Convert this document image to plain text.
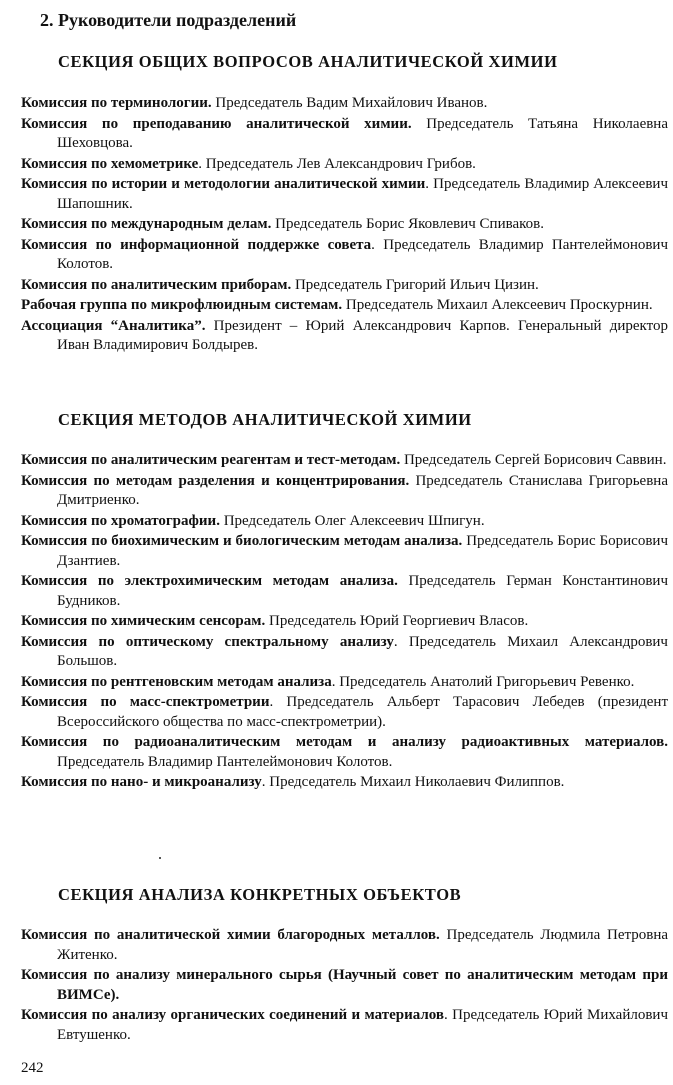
2. Руководители подразделений
СЕКЦИЯ ОБЩИХ ВОПРОСОВ АНАЛИТИЧЕСКОЙ ХИМИИ
Комиссия по терминологии. Председатель Вадим Михайлович Иванов.
Комиссия по преподаванию аналитической химии. Председатель Татьяна Николаевна Шеховцова.
Комиссия по хемометрике. Председатель Лев Александрович Грибов.
Комиссия по истории и методологии аналитической химии. Председатель Владимир Алексеевич Шапошник.
Комиссия по международным делам. Председатель Борис Яковлевич Спиваков.
Комиссия по информационной поддержке совета. Председатель Владимир Пантелеймонович Колотов.
Комиссия по аналитическим приборам. Председатель Григорий Ильич Цизин.
Рабочая группа по микрофлюидным системам. Председатель Михаил Алексеевич Проскурнин.
Ассоциация “Аналитика”. Президент – Юрий Александрович Карпов. Генеральный директор Иван Владимирович Болдырев.
СЕКЦИЯ МЕТОДОВ АНАЛИТИЧЕСКОЙ ХИМИИ
Комиссия по аналитическим реагентам и тест-методам. Председатель Сергей Борисович Саввин.
Комиссия по методам разделения и концентрирования. Председатель Станислава Григорьевна Дмитриенко.
Комиссия по хроматографии. Председатель Олег Алексеевич Шпигун.
Комиссия по биохимическим и биологическим методам анализа. Председатель Борис Борисович Дзантиев.
Комиссия по электрохимическим методам анализа. Председатель Герман Константинович Будников.
Комиссия по химическим сенсорам. Председатель Юрий Георгиевич Власов.
Комиссия по оптическому спектральному анализу. Председатель Михаил Александрович Большов.
Комиссия по рентгеновским методам анализа. Председатель Анатолий Григорьевич Ревенко.
Комиссия по масс-спектрометрии. Председатель Альберт Тарасович Лебедев (президент Всероссийского общества по масс-спектрометрии).
Комиссия по радиоаналитическим методам и анализу радиоактивных материалов. Председатель Владимир Пантелеймонович Колотов.
Комиссия по нано- и микроанализу. Председатель Михаил Николаевич Филиппов.
СЕКЦИЯ АНАЛИЗА КОНКРЕТНЫХ ОБЪЕКТОВ
Комиссия по аналитической химии благородных металлов. Председатель Людмила Петровна Житенко.
Комиссия по анализу минерального сырья (Научный совет по аналитическим методам при ВИМСе).
Комиссия по анализу органических соединений и материалов. Председатель Юрий Михайлович Евтушенко.

242
